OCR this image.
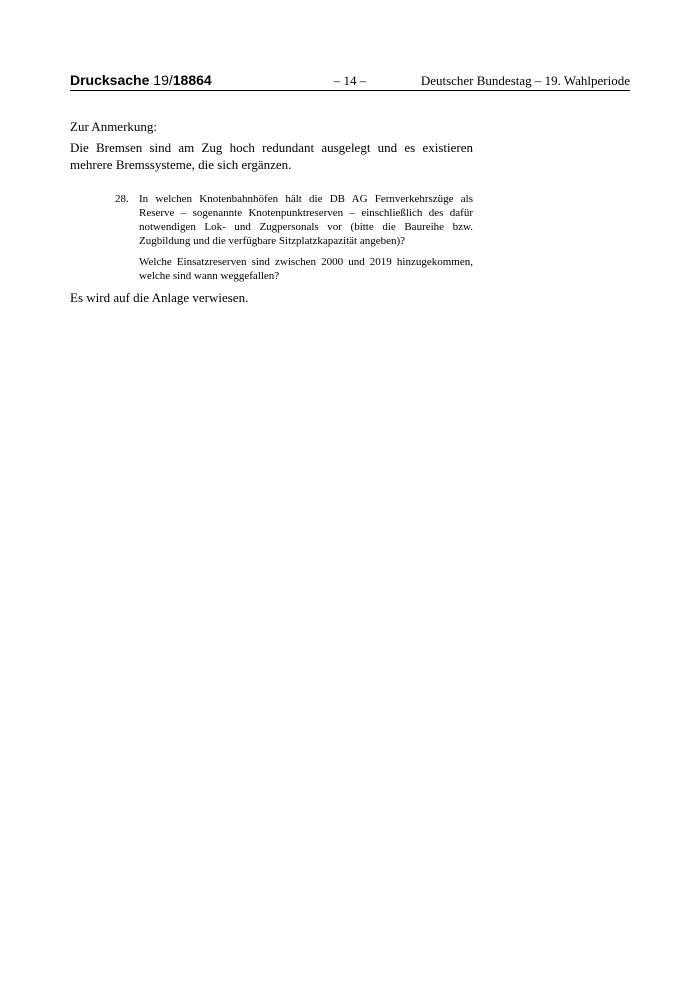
Drucksache 19/18864	– 14 –	Deutscher Bundestag – 19. Wahlperiode
Zur Anmerkung:
Die Bremsen sind am Zug hoch redundant ausgelegt und es existieren mehrere Bremssysteme, die sich ergänzen.
28. In welchen Knotenbahnhöfen hält die DB AG Fernverkehrszüge als Reserve – sogenannte Knotenpunktreserven – einschließlich des dafür notwendigen Lok- und Zugpersonals vor (bitte die Baureihe bzw. Zugbildung und die verfügbare Sitzplatzkapazität angeben)?

Welche Einsatzreserven sind zwischen 2000 und 2019 hinzugekommen, welche sind wann weggefallen?

Es wird auf die Anlage verwiesen.
